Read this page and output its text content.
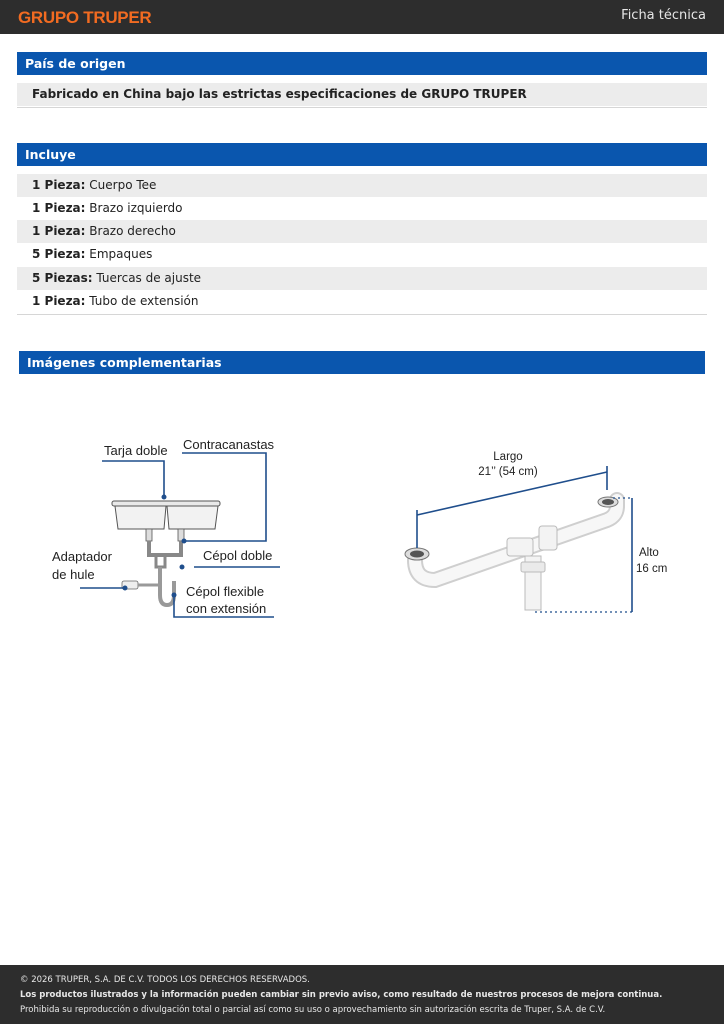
GRUPO TRUPER	Ficha técnica
País de origen
Fabricado en China bajo las estrictas especificaciones de GRUPO TRUPER
Incluye
1 Pieza: Cuerpo Tee
1 Pieza: Brazo izquierdo
1 Pieza: Brazo derecho
5 Pieza: Empaques
5 Piezas: Tuercas de ajuste
1 Pieza: Tubo de extensión
Imágenes complementarias
Tarja doble Contracanastas
Cépol doble
Adaptador
de hule
Cépol flexible
con extensión
Largo
21’’ (54 cm)
Alto
16 cm
© 2026 TRUPER, S.A. DE C.V. TODOS LOS DERECHOS RESERVADOS.
Los productos ilustrados y la información pueden cambiar sin previo aviso, como resultado de nuestros procesos de mejora continua.
Prohibida su reproducción o divulgación total o parcial así como su uso o aprovechamiento sin autorización escrita de Truper, S.A. de C.V.
